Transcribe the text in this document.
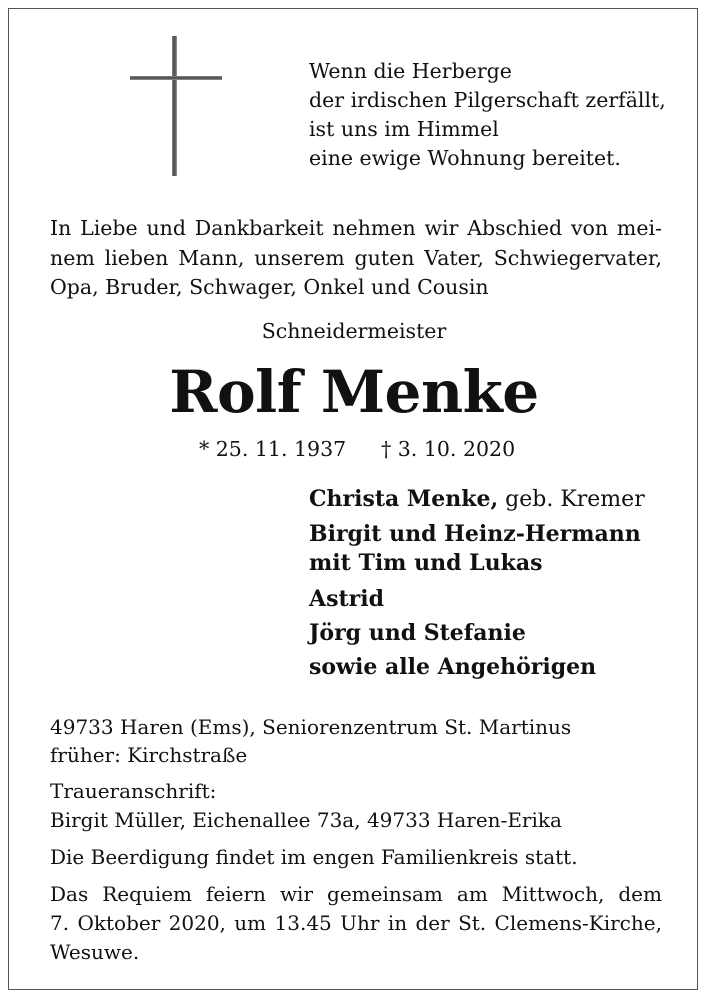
Wenn die Herberge
der irdischen Pilgerschaft zerfällt,
ist uns im Himmel
eine ewige Wohnung bereitet.
In Liebe und Dankbarkeit nehmen wir Abschied von mei-
nem lieben Mann, unserem guten Vater, Schwiegervater,
Opa, Bruder, Schwager, Onkel und Cousin
Schneidermeister
Rolf Menke
* 25. 11. 1937 † 3. 10. 2020
Christa Menke, geb. Kremer
Birgit und Heinz-Hermann
mit Tim und Lukas
Astrid
Jörg und Stefanie
sowie alle Angehörigen
49733 Haren (Ems), Seniorenzentrum St. Martinus
früher: Kirchstraße
Traueranschrift:
Birgit Müller, Eichenallee 73a, 49733 Haren-Erika
Die Beerdigung findet im engen Familienkreis statt.
Das Requiem feiern wir gemeinsam am Mittwoch, dem
7. Oktober 2020, um 13.45 Uhr in der St. Clemens-Kirche,
Wesuwe.
